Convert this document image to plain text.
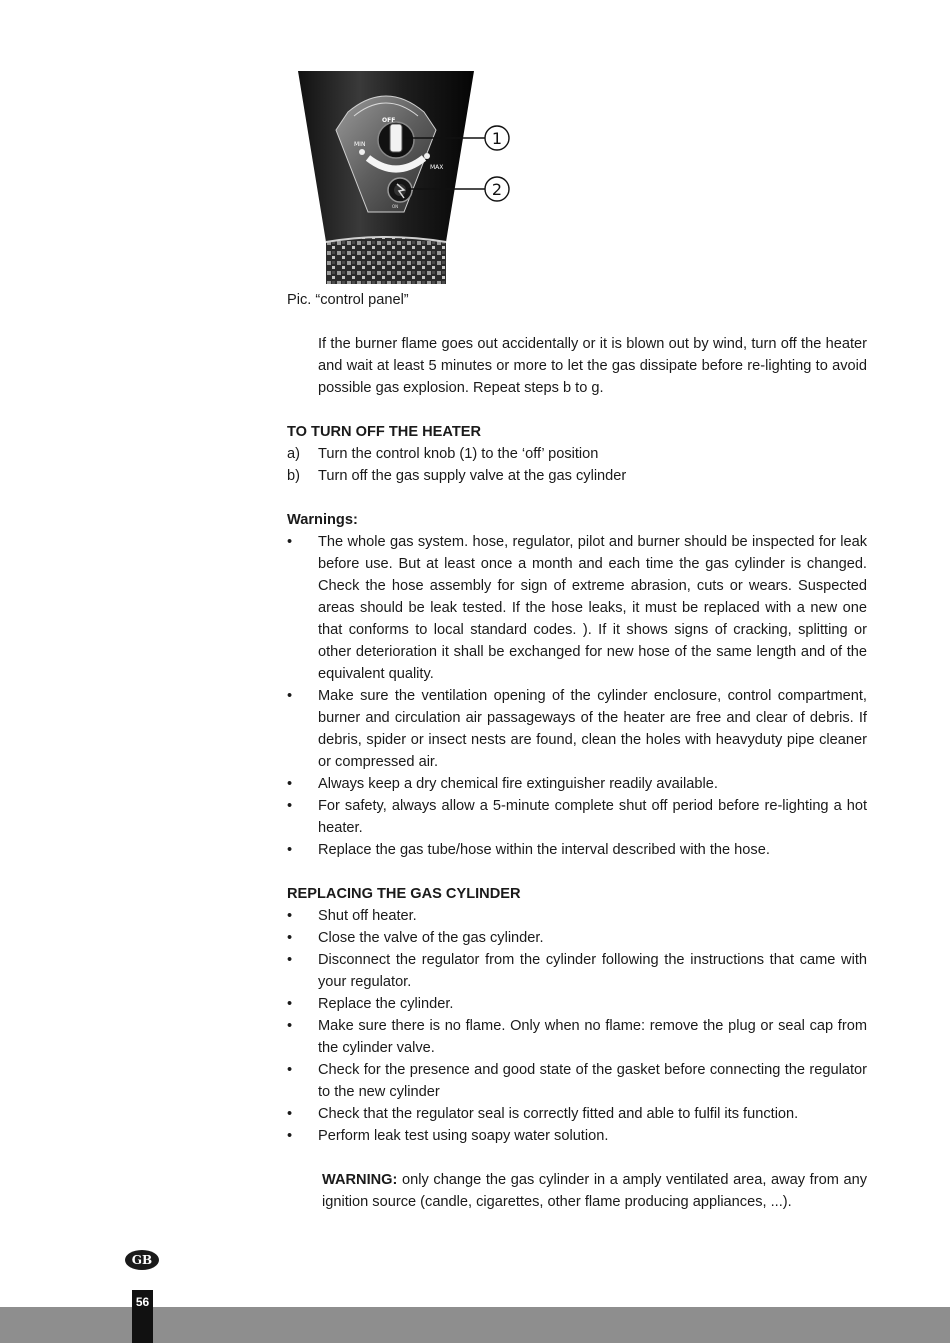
OFF
MIN
MAX
ON
1
2

Pic. “control panel”

If the burner flame goes out accidentally or it is blown out by wind, turn off the heater and wait at least 5 minutes or more to let the gas dissipate before re-lighting to avoid possible gas explosion. Repeat steps b to g.

TO TURN OFF THE HEATER

a) Turn the control knob (1) to the ‘off’ position
b) Turn off the gas supply valve at the gas cylinder

Warnings:

• The whole gas system. hose, regulator, pilot and burner should be inspected for leak before use. But at least once a month and each time the gas cylinder is changed. Check the hose assembly for sign of extreme abrasion, cuts or wears. Suspected areas should be leak tested. If the hose leaks, it must be replaced with a new one that conforms to local standard codes. ). If it shows signs of cracking, splitting or other deterioration it shall be exchanged for new hose of the same length and of the equivalent quality.
• Make sure the ventilation opening of the cylinder enclosure, control compartment, burner and circulation air passageways of the heater are free and clear of debris. If debris, spider or insect nests are found, clean the holes with heavyduty pipe cleaner or compressed air.
• Always keep a dry chemical fire extinguisher readily available.
• For safety, always allow a 5-minute complete shut off period before re-lighting a hot heater.
• Replace the gas tube/hose within the interval described with the hose.

REPLACING THE GAS CYLINDER

• Shut off heater.
• Close the valve of the gas cylinder.
• Disconnect the regulator from the cylinder following the instructions that came with your regulator.
• Replace the cylinder.
• Make sure there is no flame. Only when no flame: remove the plug or seal cap from the cylinder valve.
• Check for the presence and good state of the gasket before connecting the regulator to the new cylinder
• Check that the regulator seal is correctly fitted and able to fulfil its function.
• Perform leak test using soapy water solution.

WARNING: only change the gas cylinder in a amply ventilated area, away from any ignition source (candle, cigarettes, other flame producing appliances, ...).

GB
56
